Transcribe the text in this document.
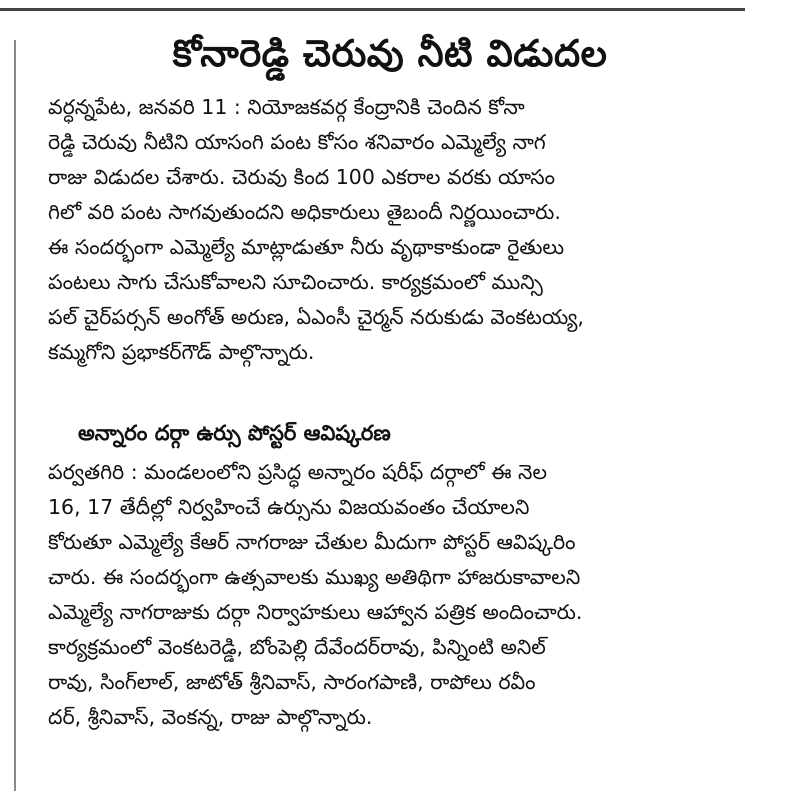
కోనారెడ్డి చెరువు నీటి విడుదల
వర్ధన్నపేట, జనవరి 11 : నియోజకవర్గ కేంద్రానికి చెందిన కోనా
రెడ్డి చెరువు నీటిని యాసంగి పంట కోసం శనివారం ఎమ్మెల్యే నాగ
రాజు విడుదల చేశారు. చెరువు కింద 100 ఎకరాల వరకు యాసం
గిలో వరి పంట సాగవుతుందని అధికారులు తైబందీ నిర్ణయించారు.
ఈ సందర్భంగా ఎమ్మెల్యే మాట్లాడుతూ నీరు వృథాకాకుండా రైతులు
పంటలు సాగు చేసుకోవాలని సూచించారు. కార్యక్రమంలో మున్సి
పల్ చైర్‌పర్సన్ అంగోత్ అరుణ, ఏఎంసీ చైర్మన్ నరుకుడు వెంకటయ్య,
కమ్మగోని ప్రభాకర్‌గౌడ్ పాల్గొన్నారు.
అన్నారం దర్గా ఉర్సు పోస్టర్ ఆవిష్కరణ
పర్వతగిరి : మండలంలోని ప్రసిద్ధ అన్నారం షరీఫ్ దర్గాలో ఈ నెల
16, 17 తేదీల్లో నిర్వహించే ఉర్సును విజయవంతం చేయాలని
కోరుతూ ఎమ్మెల్యే కేఆర్ నాగరాజు చేతుల మీదుగా పోస్టర్ ఆవిష్కరిం
చారు. ఈ సందర్భంగా ఉత్సవాలకు ముఖ్య అతిథిగా హాజరుకావాలని
ఎమ్మెల్యే నాగరాజుకు దర్గా నిర్వాహకులు ఆహ్వాన పత్రిక అందించారు.
కార్యక్రమంలో వెంకటరెడ్డి, బోంపెల్లి దేవేందర్‌రావు, పిన్నింటి అనిల్
రావు, సింగ్‌లాల్, జాటోత్ శ్రీనివాస్, సారంగపాణి, రాపోలు రవీం
దర్, శ్రీనివాస్, వెంకన్న, రాజు పాల్గొన్నారు.
